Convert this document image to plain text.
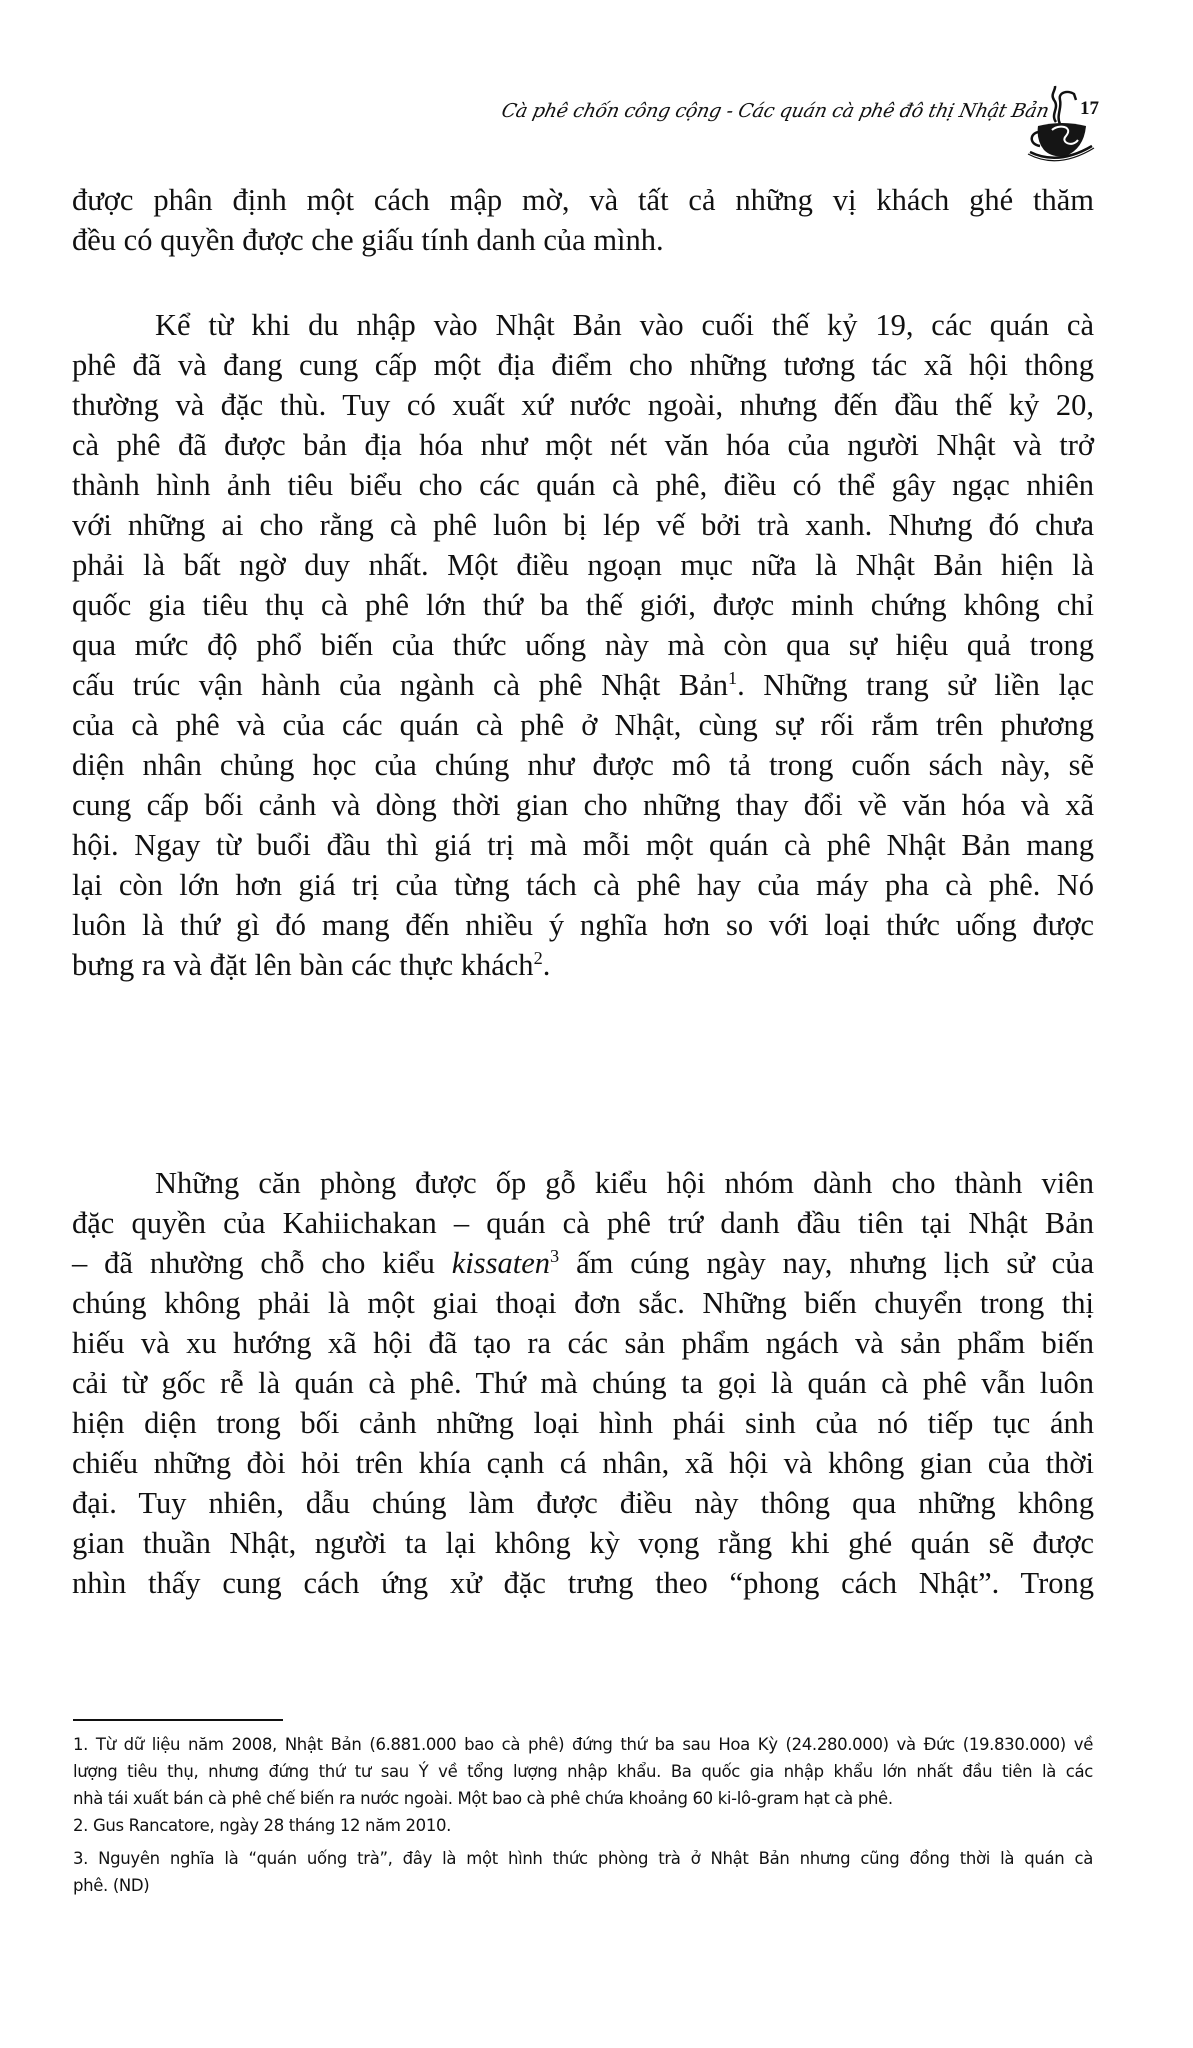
Cà phê chốn công cộng - Các quán cà phê đô thị Nhật Bản 17
được phân định một cách mập mờ, và tất cả những vị khách ghé thăm
đều có quyền được che giấu tính danh của mình.
Kể từ khi du nhập vào Nhật Bản vào cuối thế kỷ 19, các quán cà
phê đã và đang cung cấp một địa điểm cho những tương tác xã hội thông
thường và đặc thù. Tuy có xuất xứ nước ngoài, nhưng đến đầu thế kỷ 20,
cà phê đã được bản địa hóa như một nét văn hóa của người Nhật và trở
thành hình ảnh tiêu biểu cho các quán cà phê, điều có thể gây ngạc nhiên
với những ai cho rằng cà phê luôn bị lép vế bởi trà xanh. Nhưng đó chưa
phải là bất ngờ duy nhất. Một điều ngoạn mục nữa là Nhật Bản hiện là
quốc gia tiêu thụ cà phê lớn thứ ba thế giới, được minh chứng không chỉ
qua mức độ phổ biến của thức uống này mà còn qua sự hiệu quả trong
cấu trúc vận hành của ngành cà phê Nhật Bản$^1$. Những trang sử liền lạc
của cà phê và của các quán cà phê ở Nhật, cùng sự rối rắm trên phương
diện nhân chủng học của chúng như được mô tả trong cuốn sách này, sẽ
cung cấp bối cảnh và dòng thời gian cho những thay đổi về văn hóa và xã
hội. Ngay từ buổi đầu thì giá trị mà mỗi một quán cà phê Nhật Bản mang
lại còn lớn hơn giá trị của từng tách cà phê hay của máy pha cà phê. Nó
luôn là thứ gì đó mang đến nhiều ý nghĩa hơn so với loại thức uống được
bưng ra và đặt lên bàn các thực khách$^2$.
Những căn phòng được ốp gỗ kiểu hội nhóm dành cho thành viên
đặc quyền của Kahiichakan – quán cà phê trứ danh đầu tiên tại Nhật Bản
– đã nhường chỗ cho kiểu kissaten$^3$ ấm cúng ngày nay, nhưng lịch sử của
chúng không phải là một giai thoại đơn sắc. Những biến chuyển trong thị
hiếu và xu hướng xã hội đã tạo ra các sản phẩm ngách và sản phẩm biến
cải từ gốc rễ là quán cà phê. Thứ mà chúng ta gọi là quán cà phê vẫn luôn
hiện diện trong bối cảnh những loại hình phái sinh của nó tiếp tục ánh
chiếu những đòi hỏi trên khía cạnh cá nhân, xã hội và không gian của thời
đại. Tuy nhiên, dẫu chúng làm được điều này thông qua những không
gian thuần Nhật, người ta lại không kỳ vọng rằng khi ghé quán sẽ được
nhìn thấy cung cách ứng xử đặc trưng theo “phong cách Nhật”. Trong
1. Từ dữ liệu năm 2008, Nhật Bản (6.881.000 bao cà phê) đứng thứ ba sau Hoa Kỳ (24.280.000) và Đức (19.830.000) về
lượng tiêu thụ, nhưng đứng thứ tư sau Ý về tổng lượng nhập khẩu. Ba quốc gia nhập khẩu lớn nhất đầu tiên là các
nhà tái xuất bán cà phê chế biến ra nước ngoài. Một bao cà phê chứa khoảng 60 ki-lô-gram hạt cà phê.
2. Gus Rancatore, ngày 28 tháng 12 năm 2010.
3. Nguyên nghĩa là “quán uống trà”, đây là một hình thức phòng trà ở Nhật Bản nhưng cũng đồng thời là quán cà
phê. (ND)
